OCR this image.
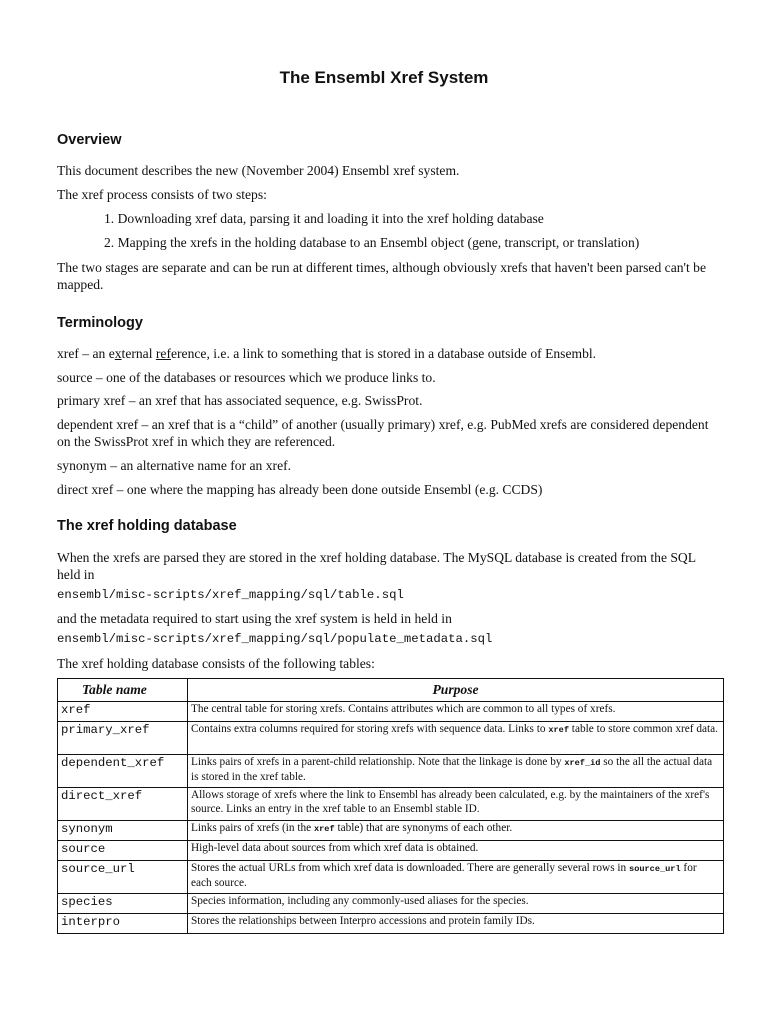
The Ensembl Xref System
Overview
This document describes the new (November 2004) Ensembl xref system.
The xref process consists of two steps:
1. Downloading xref data, parsing it and loading it into the xref holding database
2. Mapping the xrefs in the holding database to an Ensembl object (gene, transcript, or translation)
The two stages are separate and can be run at different times, although obviously xrefs that haven't been parsed can't be mapped.
Terminology
xref – an external reference, i.e. a link to something that is stored in a database outside of Ensembl.
source – one of the databases or resources which we produce links to.
primary xref – an xref that has associated sequence, e.g. SwissProt.
dependent xref – an xref that is a “child” of another (usually primary) xref, e.g. PubMed xrefs are considered dependent on the SwissProt xref in which they are referenced.
synonym – an alternative name for an xref.
direct xref – one where the mapping has already been done outside Ensembl (e.g. CCDS)
The xref holding database
When the xrefs are parsed they are stored in the xref holding database. The MySQL database is created from the SQL held in
ensembl/misc-scripts/xref_mapping/sql/table.sql
and the metadata required to start using the xref system is held in held in
ensembl/misc-scripts/xref_mapping/sql/populate_metadata.sql
The xref holding database consists of the following tables:
Table name	Purpose
xref	The central table for storing xrefs. Contains attributes which are common to all types of xrefs.
primary_xref	Contains extra columns required for storing xrefs with sequence data. Links to xref table to store common xref data.
dependent_xref	Links pairs of xrefs in a parent-child relationship. Note that the linkage is done by xref_id so the all the actual data is stored in the xref table.
direct_xref	Allows storage of xrefs where the link to Ensembl has already been calculated, e.g. by the maintainers of the xref's source. Links an entry in the xref table to an Ensembl stable ID.
synonym	Links pairs of xrefs (in the xref table) that are synonyms of each other.
source	High-level data about sources from which xref data is obtained.
source_url	Stores the actual URLs from which xref data is downloaded. There are generally several rows in source_url for each source.
species	Species information, including any commonly-used aliases for the species.
interpro	Stores the relationships between Interpro accessions and protein family IDs.
